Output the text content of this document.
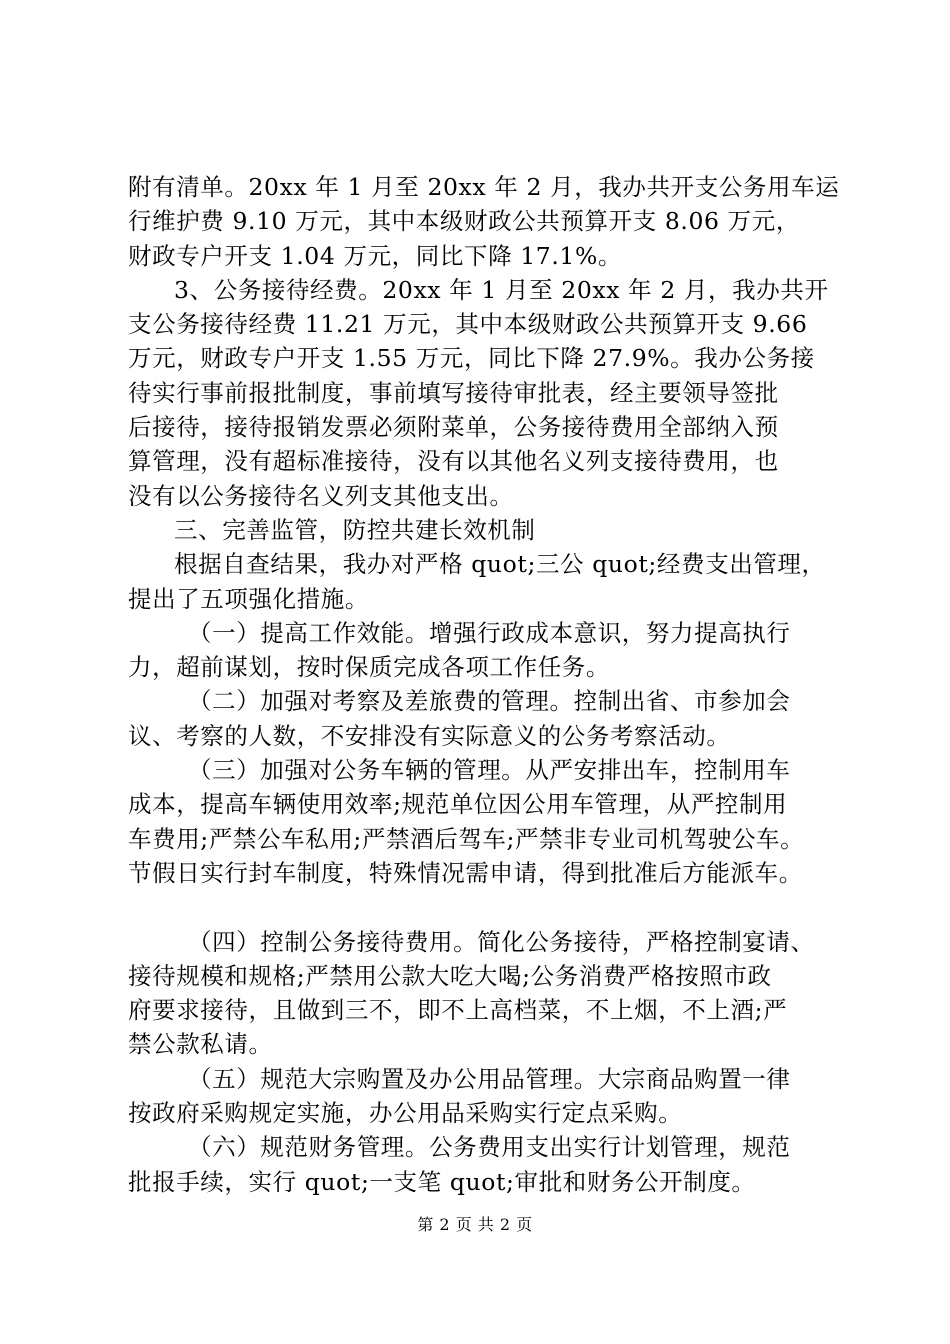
附有清单。20xx 年 1 月至 20xx 年 2 月，我办共开支公务用车运
行维护费 9.10 万元，其中本级财政公共预算开支 8.06 万元，
财政专户开支 1.04 万元，同比下降 17.1%。
3、公务接待经费。20xx 年 1 月至 20xx 年 2 月，我办共开
支公务接待经费 11.21 万元，其中本级财政公共预算开支 9.66
万元，财政专户开支 1.55 万元，同比下降 27.9%。我办公务接
待实行事前报批制度，事前填写接待审批表，经主要领导签批
后接待，接待报销发票必须附菜单，公务接待费用全部纳入预
算管理，没有超标准接待，没有以其他名义列支接待费用，也
没有以公务接待名义列支其他支出。
三、完善监管，防控共建长效机制
根据自查结果，我办对严格 quot;三公 quot;经费支出管理，
提出了五项强化措施。
（一）提高工作效能。增强行政成本意识，努力提高执行
力，超前谋划，按时保质完成各项工作任务。
（二）加强对考察及差旅费的管理。控制出省、市参加会
议、考察的人数，不安排没有实际意义的公务考察活动。
（三）加强对公务车辆的管理。从严安排出车，控制用车
成本，提高车辆使用效率;规范单位因公用车管理，从严控制用
车费用;严禁公车私用;严禁酒后驾车;严禁非专业司机驾驶公车。
节假日实行封车制度，特殊情况需申请，得到批准后方能派车。
（四）控制公务接待费用。简化公务接待，严格控制宴请、
接待规模和规格;严禁用公款大吃大喝;公务消费严格按照市政
府要求接待，且做到三不，即不上高档菜，不上烟，不上酒;严
禁公款私请。
（五）规范大宗购置及办公用品管理。大宗商品购置一律
按政府采购规定实施，办公用品采购实行定点采购。
（六）规范财务管理。公务费用支出实行计划管理，规范
批报手续，实行 quot;一支笔 quot;审批和财务公开制度。
第 2 页 共 2 页
